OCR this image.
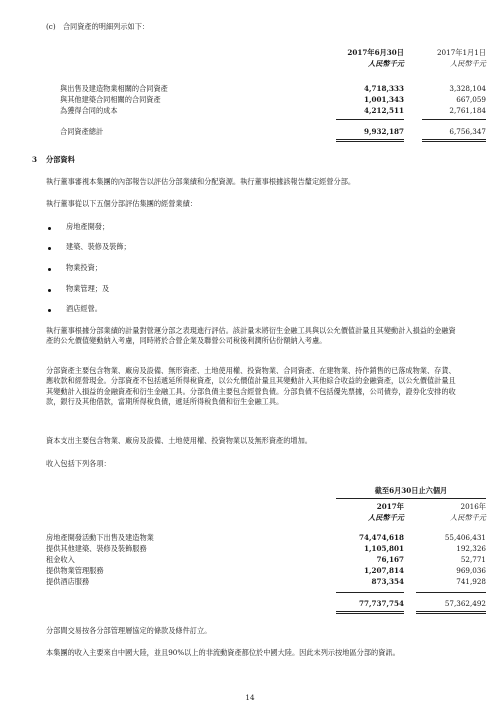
(c)　合同資產的明細列示如下：
2017年6月30日	2017年1月1日
人民幣千元	人民幣千元
與出售及建造物業相關的合同資產	4,718,333	3,328,104
與其他建築合同相關的合同資產	1,001,343	667,059
為獲得合同的成本	4,212,511	2,761,184
合同資產總計	9,932,187	6,756,347
3 分部資料
執行董事審視本集團的內部報告以評估分部業績和分配資源。執行董事根據該報告釐定經營分部。
執行董事從以下五個分部評估集團的經營業績：
房地產開發；
建築、裝修及裝飾；
物業投資；
物業管理；及
酒店經營。
執行董事根據分部業績的計量對營運分部之表現進行評估。該計量未將衍生金融工具與以公允價值計量且其變動計入損益的金融資產的公允價值變動納入考慮，同時將於合營企業及聯營公司稅後利潤所佔份額納入考慮。
分部資產主要包含物業、廠房及設備、無形資產、土地使用權、投資物業、合同資產、在建物業、持作銷售的已落成物業、存貨、應收款和經營現金。分部資產不包括遞延所得稅資產，以公允價值計量且其變動計入其他綜合收益的金融資產，以公允價值計量且其變動計入損益的金融資產和衍生金融工具。分部負債主要包含經營負債。分部負債不包括優先票據，公司債券，證券化安排的收款，銀行及其他借款，當期所得稅負債，遞延所得稅負債和衍生金融工具。
資本支出主要包含物業、廠房及設備、土地使用權、投資物業以及無形資產的增加。
收入包括下列各項：
截至6月30日止六個月
2017年	2016年
人民幣千元	人民幣千元
房地產開發活動下出售及建造物業	74,474,618	55,406,431
提供其他建築、裝修及裝飾服務	1,105,801	192,326
租金收入	76,167	52,771
提供物業管理服務	1,207,814	969,036
提供酒店服務	873,354	741,928
77,737,754	57,362,492
分部間交易按各分部管理層協定的條款及條件訂立。
本集團的收入主要來自中國大陸，並且90%以上的非流動資產都位於中國大陸。因此未列示按地區分部的資訊。
14
